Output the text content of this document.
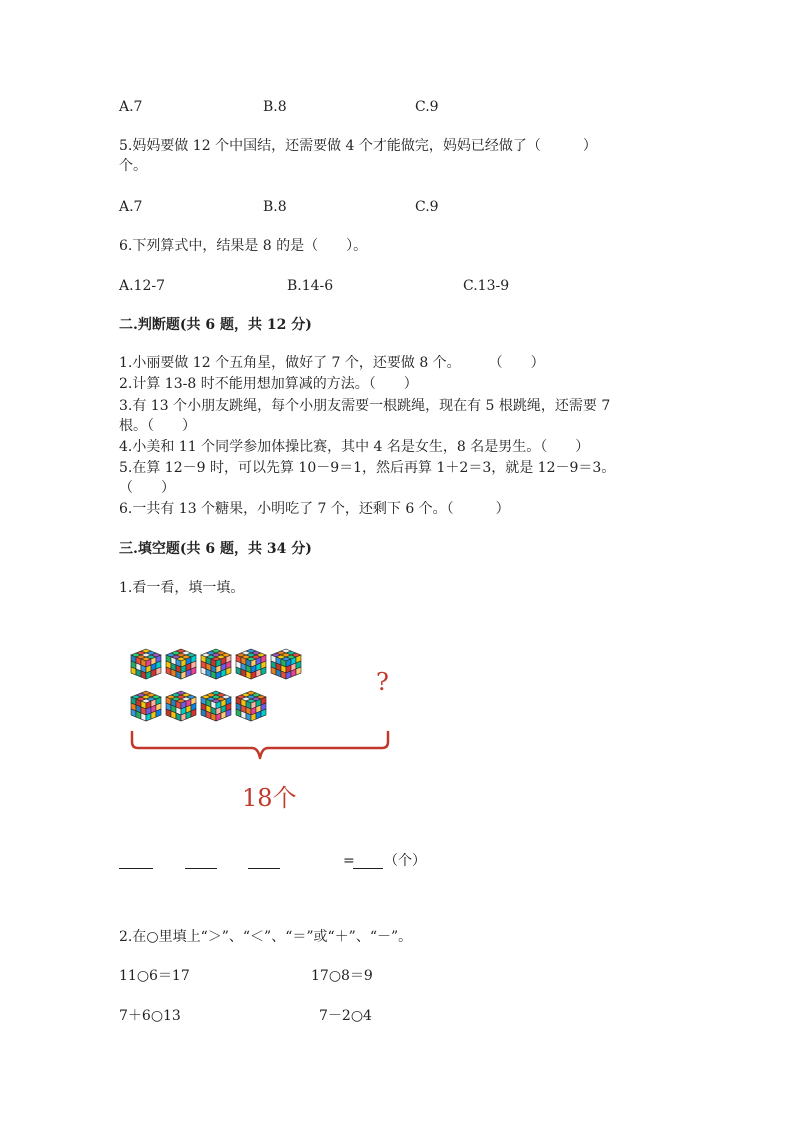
A.7	B.8	C.9
5.妈妈要做 12 个中国结，还需要做 4 个才能做完，妈妈已经做了（　　　）
个。
A.7	B.8	C.9
6.下列算式中，结果是 8 的是（　　）。
A.12-7	B.14-6	C.13-9
二.判断题(共 6 题，共 12 分)
1.小丽要做 12 个五角星，做好了 7 个，还要做 8 个。　　　（　　）
2.计算 13-8 时不能用想加算减的方法。（　　）
3.有 13 个小朋友跳绳，每个小朋友需要一根跳绳，现在有 5 根跳绳，还需要 7
根。（　　）
4.小美和 11 个同学参加体操比赛，其中 4 名是女生，8 名是男生。（　　）
5.在算 12－9 时，可以先算 10－9＝1，然后再算 1＋2＝3，就是 12－9＝3。
（　　）
6.一共有 13 个糖果，小明吃了 7 个，还剩下 6 个。（　　　）
三.填空题(共 6 题，共 34 分)
1.看一看，填一填。
?
18个
= （个）
2.在○里填上“＞”、“＜”、“＝”或“＋”、“－”。
11○6＝17	17○8＝9
7＋6○13	7－2○4
